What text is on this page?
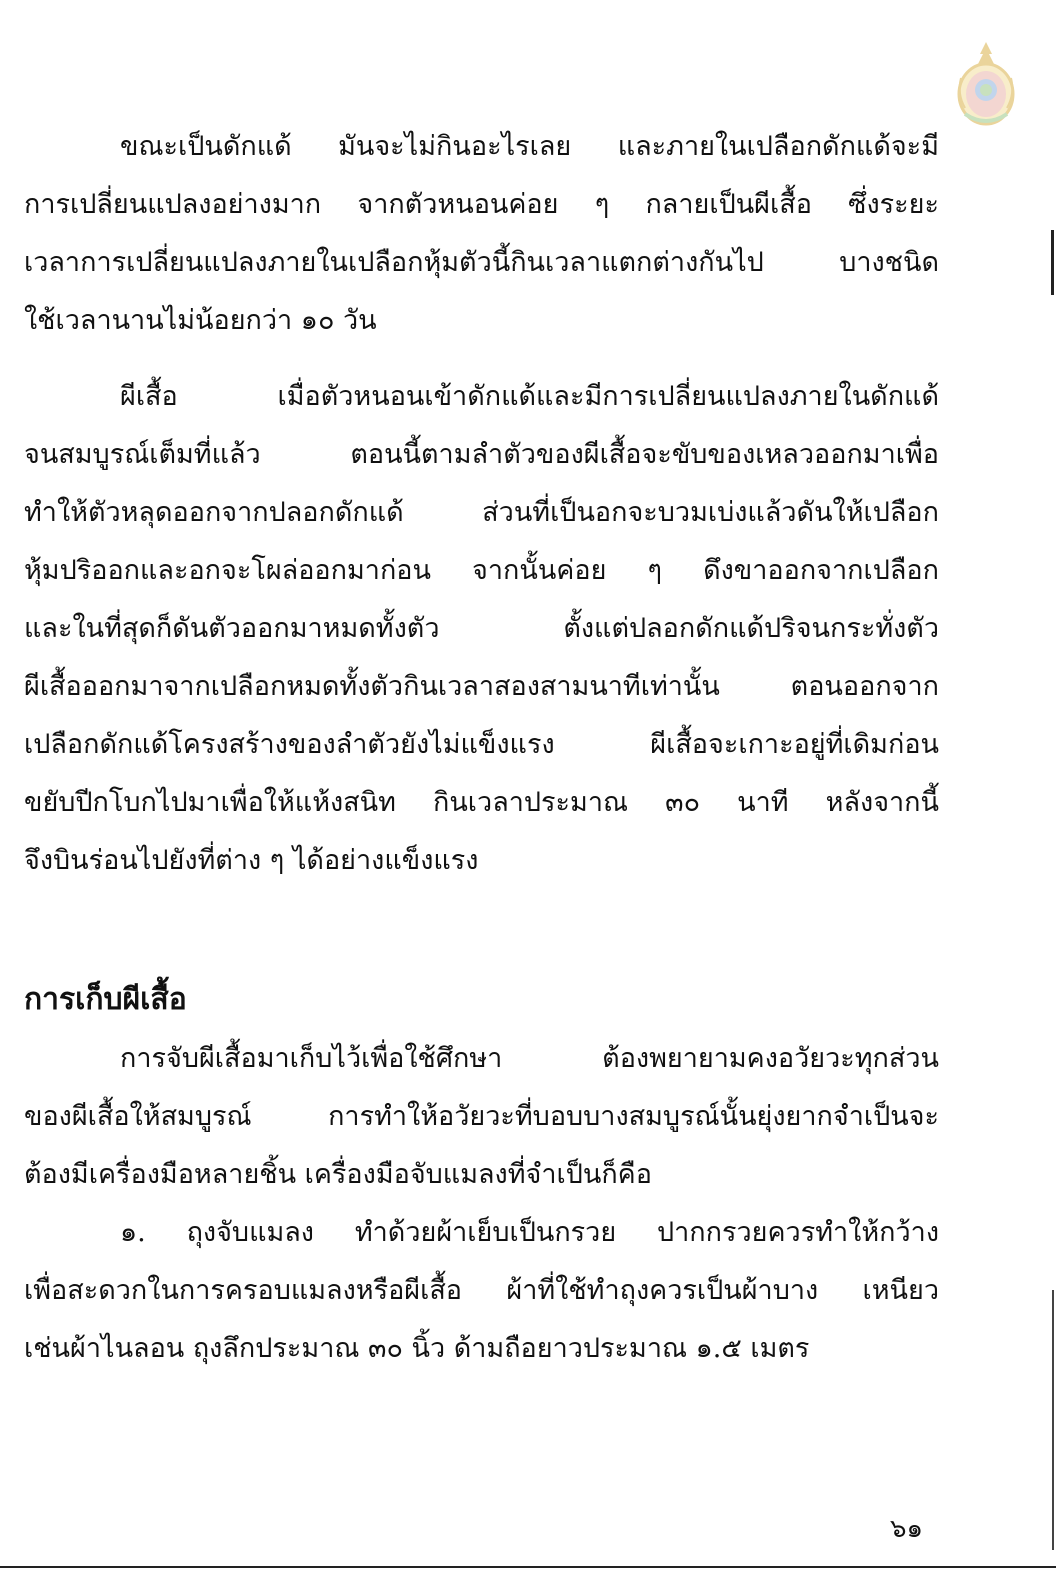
ขณะเป็นดักแด้ มันจะไม่กินอะไรเลย และภายในเปลือกดักแด้จะมี
การเปลี่ยนแปลงอย่างมาก จากตัวหนอนค่อย ๆ กลายเป็นผีเสื้อ ซึ่งระยะ
เวลาการเปลี่ยนแปลงภายในเปลือกหุ้มตัวนี้กินเวลาแตกต่างกันไป บางชนิด
ใช้เวลานานไม่น้อยกว่า ๑๐ วัน
ผีเสื้อ เมื่อตัวหนอนเข้าดักแด้และมีการเปลี่ยนแปลงภายในดักแด้
จนสมบูรณ์เต็มที่แล้ว ตอนนี้ตามลำตัวของผีเสื้อจะขับของเหลวออกมาเพื่อ
ทำให้ตัวหลุดออกจากปลอกดักแด้ ส่วนที่เป็นอกจะบวมเบ่งแล้วดันให้เปลือก
หุ้มปริออกและอกจะโผล่ออกมาก่อน จากนั้นค่อย ๆ ดึงขาออกจากเปลือก
และในที่สุดก็ดันตัวออกมาหมดทั้งตัว ตั้งแต่ปลอกดักแด้ปริจนกระทั่งตัว
ผีเสื้อออกมาจากเปลือกหมดทั้งตัวกินเวลาสองสามนาทีเท่านั้น ตอนออกจาก
เปลือกดักแด้โครงสร้างของลำตัวยังไม่แข็งแรง ผีเสื้อจะเกาะอยู่ที่เดิมก่อน
ขยับปีกโบกไปมาเพื่อให้แห้งสนิท กินเวลาประมาณ ๓๐ นาที หลังจากนี้
จึงบินร่อนไปยังที่ต่าง ๆ ได้อย่างแข็งแรง
การเก็บผีเสื้อ
การจับผีเสื้อมาเก็บไว้เพื่อใช้ศึกษา ต้องพยายามคงอวัยวะทุกส่วน
ของผีเสื้อให้สมบูรณ์ การทำให้อวัยวะที่บอบบางสมบูรณ์นั้นยุ่งยากจำเป็นจะ
ต้องมีเครื่องมือหลายชิ้น เครื่องมือจับแมลงที่จำเป็นก็คือ
๑. ถุงจับแมลง ทำด้วยผ้าเย็บเป็นกรวย ปากกรวยควรทำให้กว้าง
เพื่อสะดวกในการครอบแมลงหรือผีเสื้อ ผ้าที่ใช้ทำถุงควรเป็นผ้าบาง เหนียว
เช่นผ้าไนลอน ถุงลึกประมาณ ๓๐ นิ้ว ด้ามถือยาวประมาณ ๑.๕ เมตร
๖๑
